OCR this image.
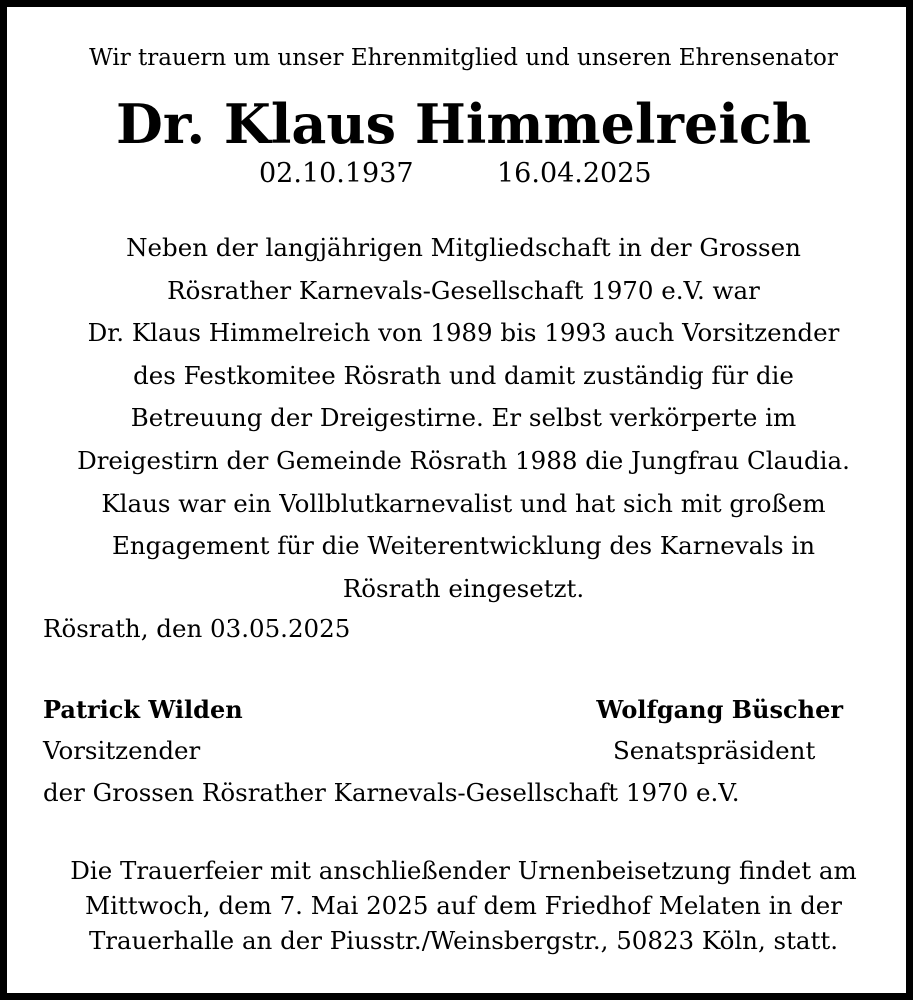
Wir trauern um unser Ehrenmitglied und unseren Ehrensenator
Dr. Klaus Himmelreich
02.10.1937	16.04.2025
Neben der langjährigen Mitgliedschaft in der Grossen
Rösrather Karnevals-Gesellschaft 1970 e.V. war
Dr. Klaus Himmelreich von 1989 bis 1993 auch Vorsitzender
des Festkomitee Rösrath und damit zuständig für die
Betreuung der Dreigestirne. Er selbst verkörperte im
Dreigestirn der Gemeinde Rösrath 1988 die Jungfrau Claudia.
Klaus war ein Vollblutkarnevalist und hat sich mit großem
Engagement für die Weiterentwicklung des Karnevals in
Rösrath eingesetzt.
Rösrath, den 03.05.2025
Patrick Wilden	Wolfgang Büscher
Vorsitzender	Senatspräsident
der Grossen Rösrather Karnevals-Gesellschaft 1970 e.V.
Die Trauerfeier mit anschließender Urnenbeisetzung findet am
Mittwoch, dem 7. Mai 2025 auf dem Friedhof Melaten in der
Trauerhalle an der Piusstr./Weinsbergstr., 50823 Köln, statt.
